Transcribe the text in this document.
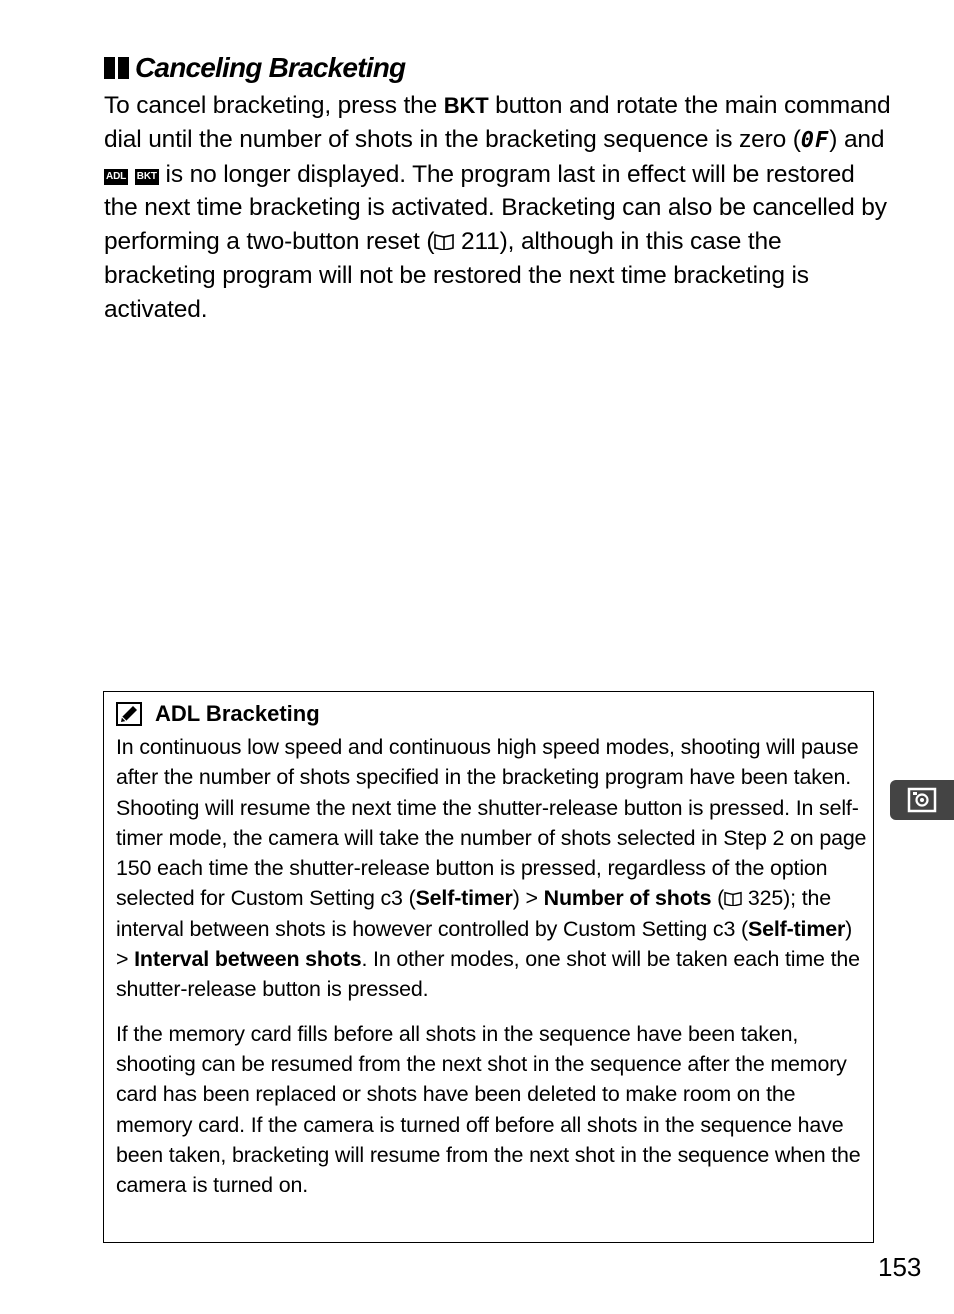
Canceling Bracketing

To cancel bracketing, press the BKT button and rotate the main command dial until the number of shots in the bracketing sequence is zero (0F) and ADL BKT is no longer displayed. The program last in effect will be restored the next time bracketing is activated. Bracketing can also be cancelled by performing a two-button reset ( 211), although in this case the bracketing program will not be restored the next time bracketing is activated.

ADL Bracketing

In continuous low speed and continuous high speed modes, shooting will pause after the number of shots specified in the bracketing program have been taken. Shooting will resume the next time the shutter-release button is pressed. In self-timer mode, the camera will take the number of shots selected in Step 2 on page 150 each time the shutter-release button is pressed, regardless of the option selected for Custom Setting c3 (Self-timer) > Number of shots ( 325); the interval between shots is however controlled by Custom Setting c3 (Self-timer) > Interval between shots. In other modes, one shot will be taken each time the shutter-release button is pressed.

If the memory card fills before all shots in the sequence have been taken, shooting can be resumed from the next shot in the sequence after the memory card has been replaced or shots have been deleted to make room on the memory card. If the camera is turned off before all shots in the sequence have been taken, bracketing will resume from the next shot in the sequence when the camera is turned on.

153
